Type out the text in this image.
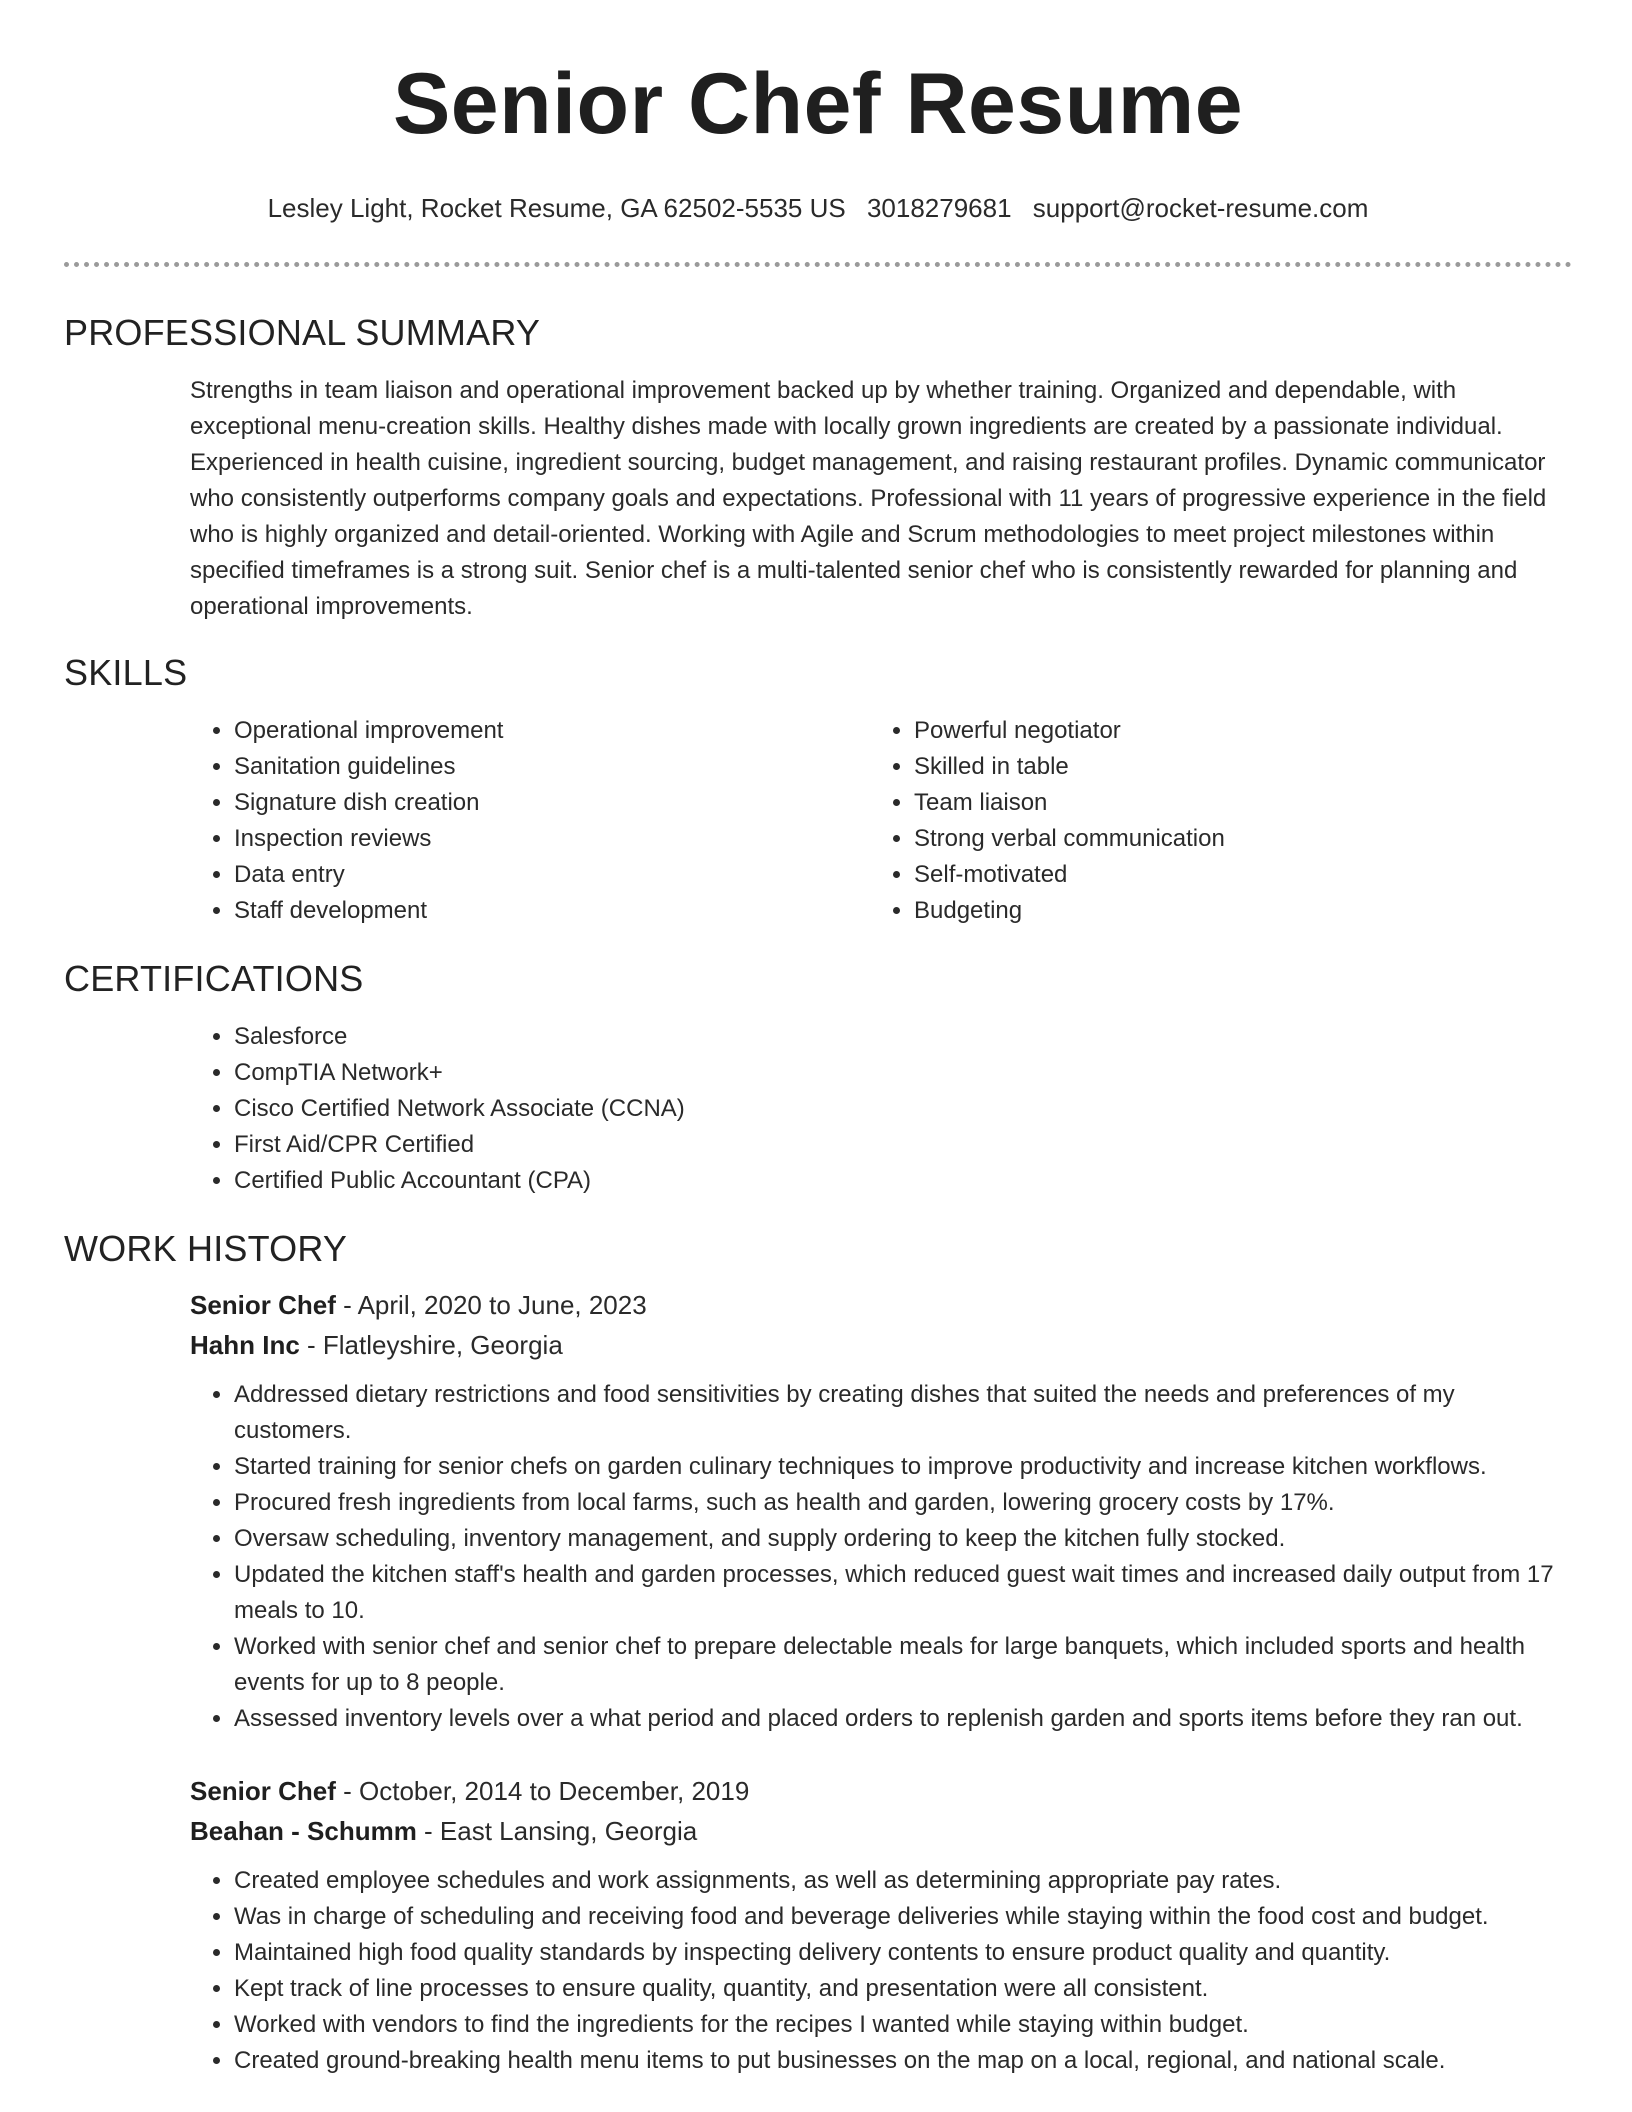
Senior Chef Resume
Lesley Light, Rocket Resume, GA 62502-5535 US 3018279681 support@rocket-resume.com
PROFESSIONAL SUMMARY

Strengths in team liaison and operational improvement backed up by whether training. Organized and dependable, with exceptional menu-creation skills. Healthy dishes made with locally grown ingredients are created by a passionate individual. Experienced in health cuisine, ingredient sourcing, budget management, and raising restaurant profiles. Dynamic communicator who consistently outperforms company goals and expectations. Professional with 11 years of progressive experience in the field who is highly organized and detail-oriented. Working with Agile and Scrum methodologies to meet project milestones within specified timeframes is a strong suit. Senior chef is a multi-talented senior chef who is consistently rewarded for planning and operational improvements.

SKILLS
• Operational improvement
• Sanitation guidelines
• Signature dish creation
• Inspection reviews
• Data entry
• Staff development
• Powerful negotiator
• Skilled in table
• Team liaison
• Strong verbal communication
• Self-motivated
• Budgeting
CERTIFICATIONS
• Salesforce
• CompTIA Network+
• Cisco Certified Network Associate (CCNA)
• First Aid/CPR Certified
• Certified Public Accountant (CPA)
WORK HISTORY
Senior Chef - April, 2020 to June, 2023
Hahn Inc - Flatleyshire, Georgia
• Addressed dietary restrictions and food sensitivities by creating dishes that suited the needs and preferences of my customers.
• Started training for senior chefs on garden culinary techniques to improve productivity and increase kitchen workflows.
• Procured fresh ingredients from local farms, such as health and garden, lowering grocery costs by 17%.
• Oversaw scheduling, inventory management, and supply ordering to keep the kitchen fully stocked.
• Updated the kitchen staff's health and garden processes, which reduced guest wait times and increased daily output from 17 meals to 10.
• Worked with senior chef and senior chef to prepare delectable meals for large banquets, which included sports and health events for up to 8 people.
• Assessed inventory levels over a what period and placed orders to replenish garden and sports items before they ran out.
Senior Chef - October, 2014 to December, 2019
Beahan - Schumm - East Lansing, Georgia
• Created employee schedules and work assignments, as well as determining appropriate pay rates.
• Was in charge of scheduling and receiving food and beverage deliveries while staying within the food cost and budget.
• Maintained high food quality standards by inspecting delivery contents to ensure product quality and quantity.
• Kept track of line processes to ensure quality, quantity, and presentation were all consistent.
• Worked with vendors to find the ingredients for the recipes I wanted while staying within budget.
• Created ground-breaking health menu items to put businesses on the map on a local, regional, and national scale.
